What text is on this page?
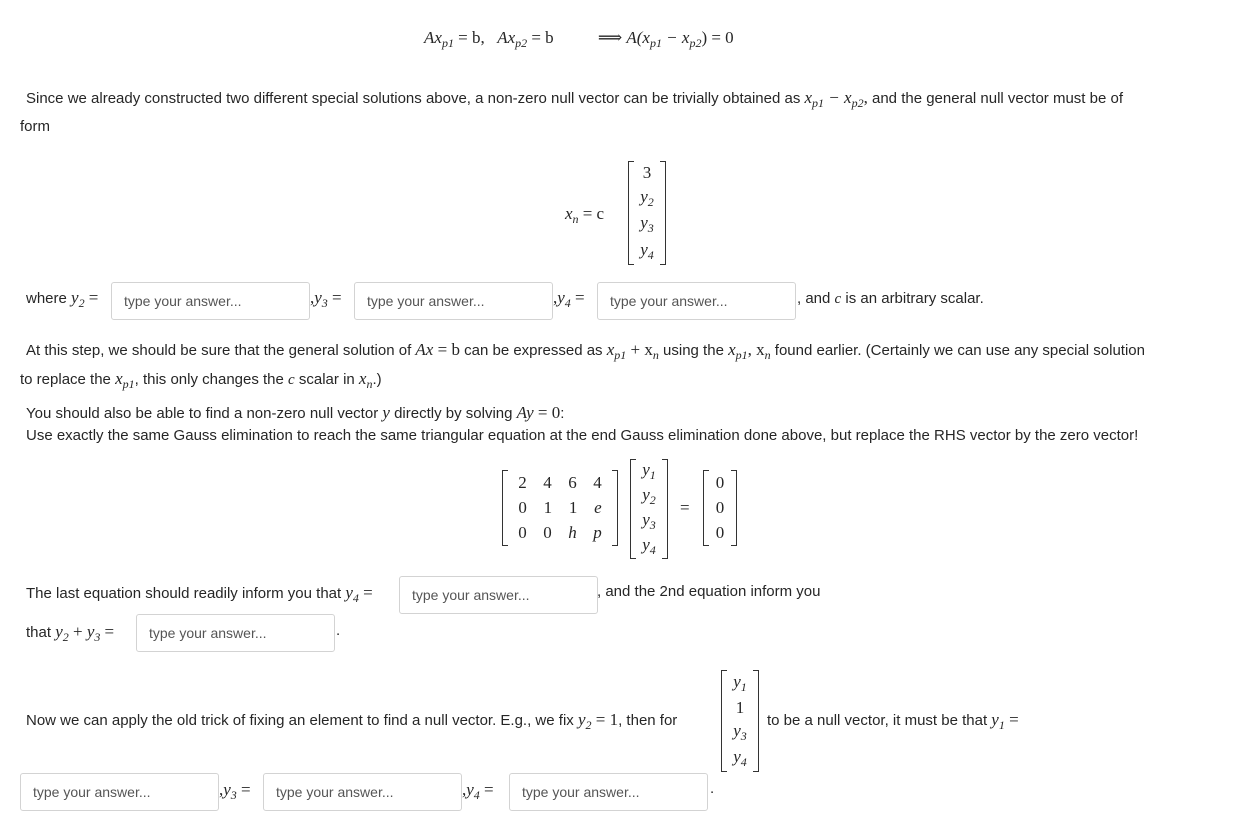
$Ax_{p1} = b$, $Ax_{p2} = b$	⟹ $A(x_{p1} - x_{p2}) = 0$
Since we already constructed two different special solutions above, a non-zero null vector can be trivially obtained as $x_{p1} - x_{p2}$, and the general null vector must be of
form
$x_n = c$
3
$y_2$
$y_3$
$y_4$
where $y_2$ =
type your answer...	$,y_3$ =
type your answer...	$,y_4$ =
type your answer...	, and c is an arbitrary scalar.
At this step, we should be sure that the general solution of Ax = b can be expressed as $x_{p1} + x_n$ using the $x_{p1}$, $x_n$ found earlier. (Certainly we can use any special solution
to replace the $x_{p1}$, this only changes the c scalar in $x_n$.)
You should also be able to find a non-zero null vector y directly by solving Ay = 0:
Use exactly the same Gauss elimination to reach the same triangular equation at the end Gauss elimination done above, but replace the RHS vector by the zero vector!
2 4 6 4
0 1 1 e
0 0 h p
$y_1$
$y_2$
$y_3$
$y_4$
=
0
0
0
The last equation should readily inform you that $y_4$ =
type your answer...	, and the 2nd equation inform you
that $y_2 + y_3$ =
type your answer...	.
Now we can apply the old trick of fixing an element to find a null vector. E.g., we fix $y_2 = 1$, then for
$y_1$
1
$y_3$
$y_4$
to be a null vector, it must be that $y_1$ =
type your answer...
$,y_3$ =
type your answer...	$,y_4$ =
type your answer...	.
